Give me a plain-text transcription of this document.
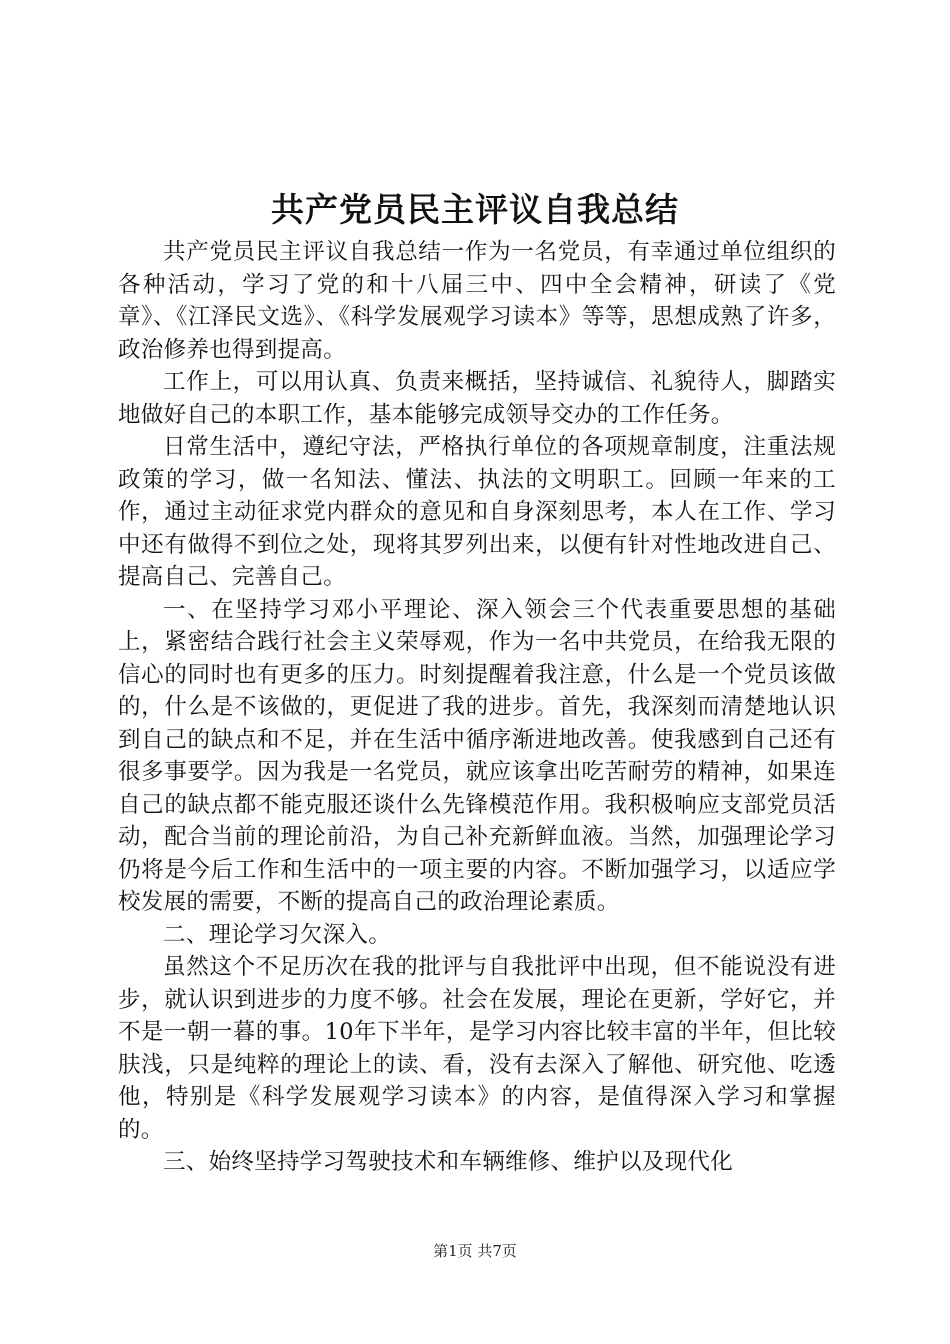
共产党员民主评议自我总结

共产党员民主评议自我总结一作为一名党员，有幸通过单位组织的各种活动，学习了党的和十八届三中、四中全会精神，研读了《党章》、《江泽民文选》、《科学发展观学习读本》等等，思想成熟了许多，政治修养也得到提高。

工作上，可以用认真、负责来概括，坚持诚信、礼貌待人，脚踏实地做好自己的本职工作，基本能够完成领导交办的工作任务。

日常生活中，遵纪守法，严格执行单位的各项规章制度，注重法规政策的学习，做一名知法、懂法、执法的文明职工。回顾一年来的工作，通过主动征求党内群众的意见和自身深刻思考，本人在工作、学习中还有做得不到位之处，现将其罗列出来，以便有针对性地改进自己、提高自己、完善自己。

一、在坚持学习邓小平理论、深入领会三个代表重要思想的基础上，紧密结合践行社会主义荣辱观，作为一名中共党员，在给我无限的信心的同时也有更多的压力。时刻提醒着我注意，什么是一个党员该做的，什么是不该做的，更促进了我的进步。首先，我深刻而清楚地认识到自己的缺点和不足，并在生活中循序渐进地改善。使我感到自己还有很多事要学。因为我是一名党员，就应该拿出吃苦耐劳的精神，如果连自己的缺点都不能克服还谈什么先锋模范作用。我积极响应支部党员活动，配合当前的理论前沿，为自己补充新鲜血液。当然，加强理论学习仍将是今后工作和生活中的一项主要的内容。不断加强学习，以适应学校发展的需要，不断的提高自己的政治理论素质。

二、理论学习欠深入。

虽然这个不足历次在我的批评与自我批评中出现，但不能说没有进步，就认识到进步的力度不够。社会在发展，理论在更新，学好它，并不是一朝一暮的事。10年下半年，是学习内容比较丰富的半年，但比较肤浅，只是纯粹的理论上的读、看，没有去深入了解他、研究他、吃透他，特别是《科学发展观学习读本》的内容，是值得深入学习和掌握的。

三、始终坚持学习驾驶技术和车辆维修、维护以及现代化

第1页 共7页
